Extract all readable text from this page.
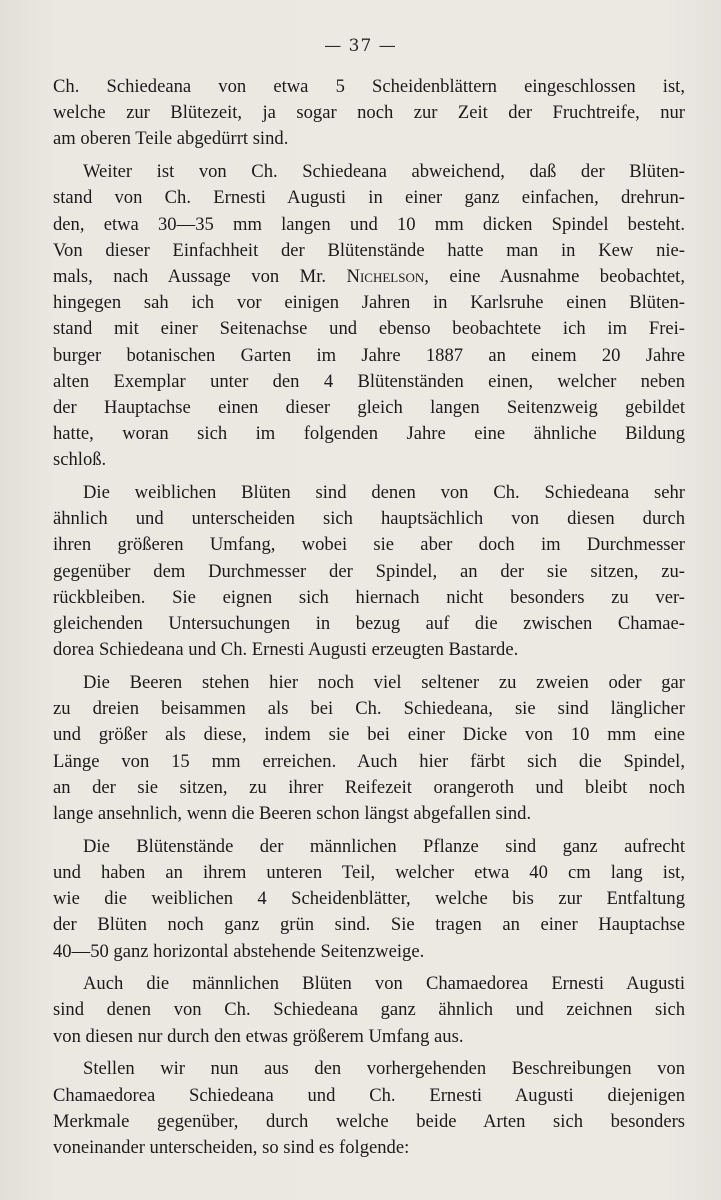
— 37 —
Ch. Schiedeana von etwa 5 Scheidenblättern eingeschlossen ist,
welche zur Blütezeit, ja sogar noch zur Zeit der Fruchtreife, nur
am oberen Teile abgedürrt sind.
Weiter ist von Ch. Schiedeana abweichend, daß der Blüten-
stand von Ch. Ernesti Augusti in einer ganz einfachen, drehrun-
den, etwa 30—35 mm langen und 10 mm dicken Spindel besteht.
Von dieser Einfachheit der Blütenstände hatte man in Kew nie-
mals, nach Aussage von Mr. Nichelson, eine Ausnahme beobachtet,
hingegen sah ich vor einigen Jahren in Karlsruhe einen Blüten-
stand mit einer Seitenachse und ebenso beobachtete ich im Frei-
burger botanischen Garten im Jahre 1887 an einem 20 Jahre
alten Exemplar unter den 4 Blütenständen einen, welcher neben
der Hauptachse einen dieser gleich langen Seitenzweig gebildet
hatte, woran sich im folgenden Jahre eine ähnliche Bildung
schloß.
Die weiblichen Blüten sind denen von Ch. Schiedeana sehr
ähnlich und unterscheiden sich hauptsächlich von diesen durch
ihren größeren Umfang, wobei sie aber doch im Durchmesser
gegenüber dem Durchmesser der Spindel, an der sie sitzen, zu-
rückbleiben. Sie eignen sich hiernach nicht besonders zu ver-
gleichenden Untersuchungen in bezug auf die zwischen Chamae-
dorea Schiedeana und Ch. Ernesti Augusti erzeugten Bastarde.
Die Beeren stehen hier noch viel seltener zu zweien oder gar
zu dreien beisammen als bei Ch. Schiedeana, sie sind länglicher
und größer als diese, indem sie bei einer Dicke von 10 mm eine
Länge von 15 mm erreichen. Auch hier färbt sich die Spindel,
an der sie sitzen, zu ihrer Reifezeit orangeroth und bleibt noch
lange ansehnlich, wenn die Beeren schon längst abgefallen sind.
Die Blütenstände der männlichen Pflanze sind ganz aufrecht
und haben an ihrem unteren Teil, welcher etwa 40 cm lang ist,
wie die weiblichen 4 Scheidenblätter, welche bis zur Entfaltung
der Blüten noch ganz grün sind. Sie tragen an einer Hauptachse
40—50 ganz horizontal abstehende Seitenzweige.
Auch die männlichen Blüten von Chamaedorea Ernesti Augusti
sind denen von Ch. Schiedeana ganz ähnlich und zeichnen sich
von diesen nur durch den etwas größerem Umfang aus.
Stellen wir nun aus den vorhergehenden Beschreibungen von
Chamaedorea Schiedeana und Ch. Ernesti Augusti diejenigen
Merkmale gegenüber, durch welche beide Arten sich besonders
voneinander unterscheiden, so sind es folgende:
